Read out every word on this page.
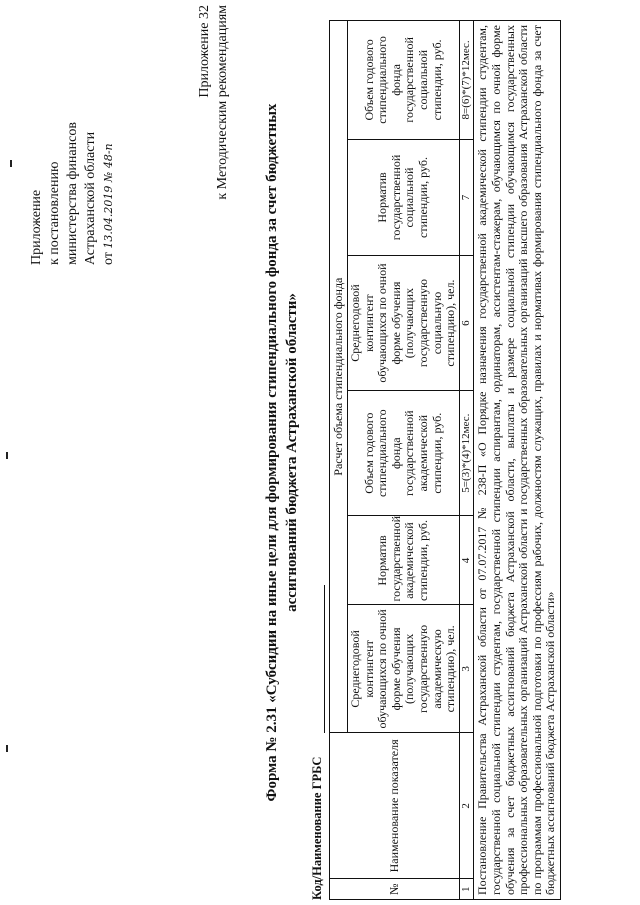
Приложение к постановлению министерства финансов Астраханской области от 13.04.2019 № 48-п
Приложение 32 к Методическим рекомендациям
Форма № 2.31 «Субсидии на иные цели для формирования стипендиального фонда за счет бюджетных ассигнований бюджета Астраханской области»
Код/Наименование ГРБС	№	Наименование показателя	Расчет объема стипендиального фонда					
		Среднегодовой контингент обучающихся по очной форме обучения (получающих государственную академическую стипендию), чел.	Норматив государственной академической стипендии, руб.	Объем годового стипендиального фонда государственной академической стипендии, руб.	Среднегодовой контингент обучающихся по очной форме обучения (получающих государственную социальную стипендию), чел.	Норматив государственной социальной стипендии, руб.	Объем годового стипендиального фонда государственной социальной стипендии, руб.
1	2	3	4	5=(3)*(4)*12мес.	6	7	8=(6)*(7)*12мес.
Постановление Правительства Астраханской области от 07.07.2017 № 238-П «О Порядке назначения государственной академической стипендии студентам, государственной социальной стипендии студентам, государственной стипендии аспирантам, ординаторам, ассистентам-стажерам, обучающимся по очной форме обучения за счет бюджетных ассигнований бюджета Астраханской области, выплаты и размере социальной стипендии обучающимся государственных профессиональных образовательных организаций Астраханской области и государственных образовательных организаций высшего образования Астраханской области по программам профессиональной подготовки по профессиям рабочих, должностям служащих, правилах и нормативах формирования стипендиального фонда за счет бюджетных ассигнований бюджета Астраханской области»							
